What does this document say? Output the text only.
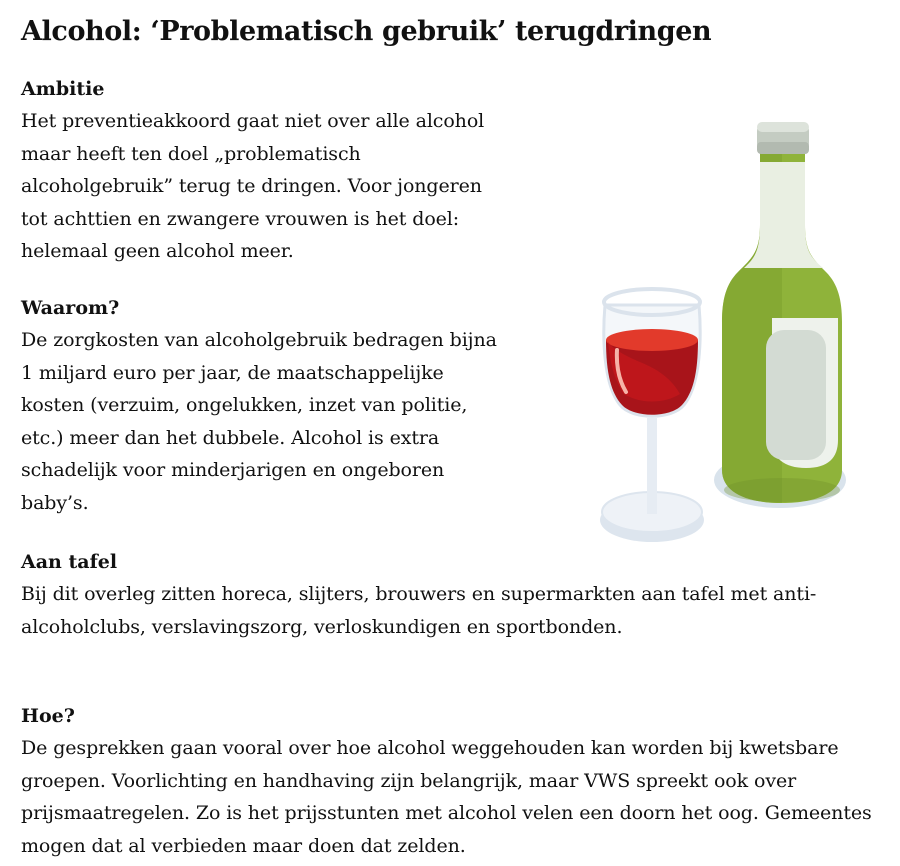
Alcohol: ‘Problematisch gebruik’ terugdringen
Ambitie

Het preventieakkoord gaat niet over alle alcohol maar heeft ten doel „problematisch alcoholgebruik” terug te dringen. Voor jongeren tot achttien en zwangere vrouwen is het doel: helemaal geen alcohol meer.

Waarom?

De zorgkosten van alcoholgebruik bedragen bijna 1 miljard euro per jaar, de maatschappelijke kosten (verzuim, ongelukken, inzet van politie, etc.) meer dan het dubbele. Alcohol is extra schadelijk voor minderjarigen en ongeboren baby’s.

Aan tafel

Bij dit overleg zitten horeca, slijters, brouwers en supermarkten aan tafel met anti-alcoholclubs, verslavingszorg, verloskundigen en sportbonden.

Hoe?

De gesprekken gaan vooral over hoe alcohol weggehouden kan worden bij kwetsbare groepen. Voorlichting en handhaving zijn belangrijk, maar VWS spreekt ook over prijsmaatregelen. Zo is het prijsstunten met alcohol velen een doorn het oog. Gemeentes mogen dat al verbieden maar doen dat zelden.
